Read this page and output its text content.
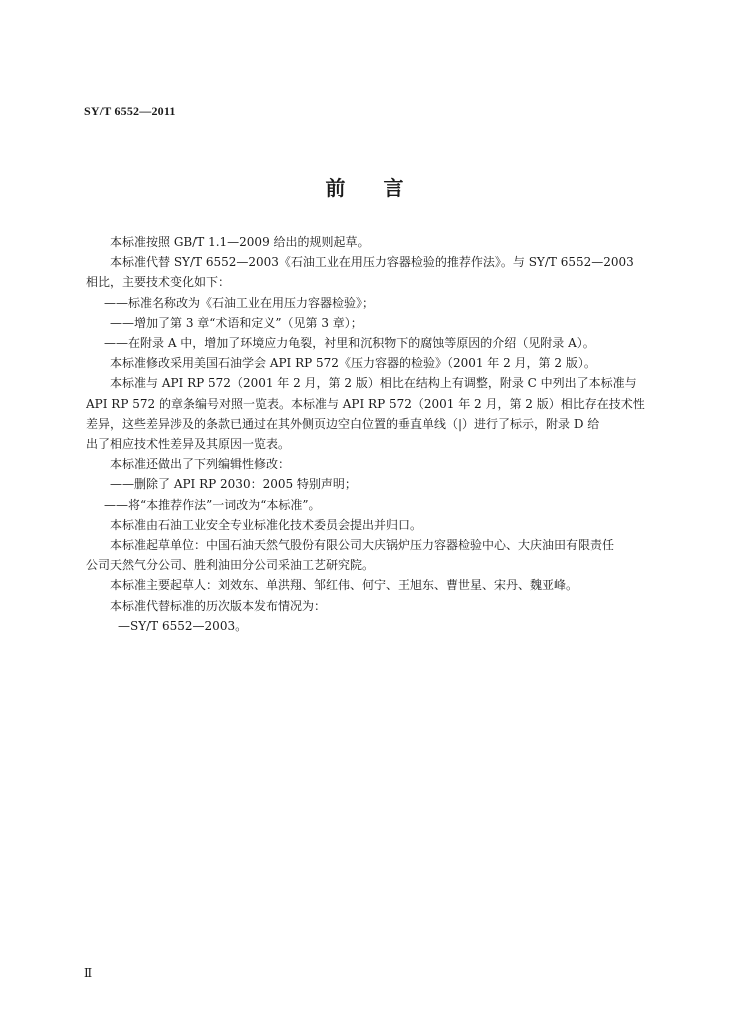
SY/T 6552—2011
前言

本标准按照 GB/T 1.1—2009 给出的规则起草。

本标准代替 SY/T 6552—2003《石油工业在用压力容器检验的推荐作法》。与 SY/T 6552—2003

相比，主要技术变化如下：

——标准名称改为《石油工业在用压力容器检验》；

——增加了第 3 章“术语和定义”（见第 3 章）；

——在附录 A 中，增加了环境应力龟裂，衬里和沉积物下的腐蚀等原因的介绍（见附录 A）。

本标准修改采用美国石油学会 API RP 572《压力容器的检验》（2001 年 2 月，第 2 版）。

本标准与 API RP 572（2001 年 2 月，第 2 版）相比在结构上有调整，附录 C 中列出了本标准与

API RP 572 的章条编号对照一览表。本标准与 API RP 572（2001 年 2 月，第 2 版）相比存在技术性

差异，这些差异涉及的条款已通过在其外侧页边空白位置的垂直单线（|）进行了标示，附录 D 给

出了相应技术性差异及其原因一览表。

本标准还做出了下列编辑性修改：

——删除了 API RP 2030：2005 特别声明；

——将“本推荐作法”一词改为“本标准”。

本标准由石油工业安全专业标准化技术委员会提出并归口。

本标准起草单位：中国石油天然气股份有限公司大庆锅炉压力容器检验中心、大庆油田有限责任

公司天然气分公司、胜利油田分公司采油工艺研究院。

本标准主要起草人：刘效东、单洪翔、邹红伟、何宁、王旭东、曹世星、宋丹、魏亚峰。

本标准代替标准的历次版本发布情况为：

—SY/T 6552—2003。

Ⅱ
